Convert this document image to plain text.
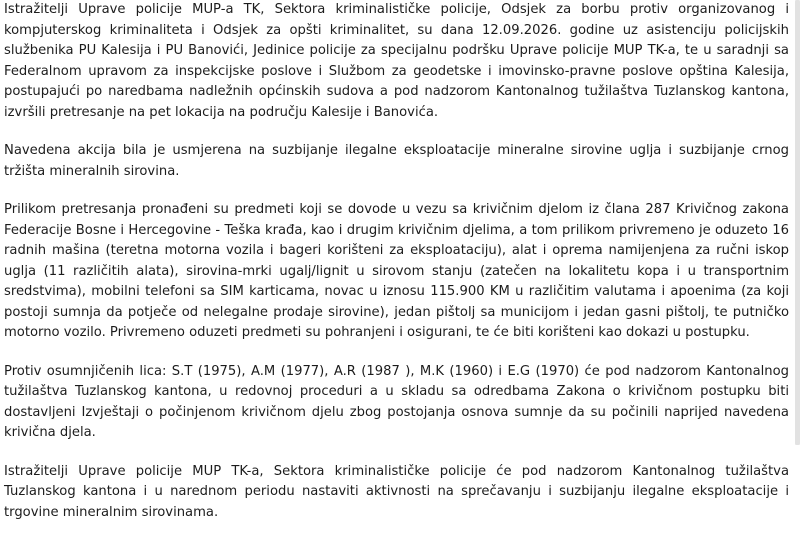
Istražitelji Uprave policije MUP-a TK, Sektora kriminalističke policije, Odsjek za borbu protiv organizovanog i kompjuterskog kriminaliteta i Odsjek za opšti kriminalitet, su dana 12.09.2026. godine uz asistenciju policijskih službenika PU Kalesija i PU Banovići, Jedinice policije za specijalnu podršku Uprave policije MUP TK-a, te u saradnji sa Federalnom upravom za inspekcijske poslove i Službom za geodetske i imovinsko-pravne poslove opština Kalesija, postupajući po naredbama nadležnih općinskih sudova a pod nadzorom Kantonalnog tužilaštva Tuzlanskog kantona, izvršili pretresanje na pet lokacija na području Kalesije i Banovića.

Navedena akcija bila je usmjerena na suzbijanje ilegalne eksploatacije mineralne sirovine uglja i suzbijanje crnog tržišta mineralnih sirovina.

Prilikom pretresanja pronađeni su predmeti koji se dovode u vezu sa krivičnim djelom iz člana 287 Krivičnog zakona Federacije Bosne i Hercegovine - Teška krađa, kao i drugim krivičnim djelima, a tom prilikom privremeno je oduzeto 16 radnih mašina (teretna motorna vozila i bageri korišteni za eksploataciju), alat i oprema namijenjena za ručni iskop uglja (11 različitih alata), sirovina-mrki ugalj/lignit u sirovom stanju (zatečen na lokalitetu kopa i u transportnim sredstvima), mobilni telefoni sa SIM karticama, novac u iznosu 115.900 KM u različitim valutama i apoenima (za koji postoji sumnja da potječe od nelegalne prodaje sirovine), jedan pištolj sa municijom i jedan gasni pištolj, te putničko motorno vozilo. Privremeno oduzeti predmeti su pohranjeni i osigurani, te će biti korišteni kao dokazi u postupku.

Protiv osumnjičenih lica: S.T (1975), A.M (1977), A.R (1987 ), M.K (1960) i E.G (1970) će pod nadzorom Kantonalnog tužilaštva Tuzlanskog kantona, u redovnoj proceduri a u skladu sa odredbama Zakona o krivičnom postupku biti dostavljeni Izvještaji o počinjenom krivičnom djelu zbog postojanja osnova sumnje da su počinili naprijed navedena krivična djela.

Istražitelji Uprave policije MUP TK-a, Sektora kriminalističke policije će pod nadzorom Kantonalnog tužilaštva Tuzlanskog kantona i u narednom periodu nastaviti aktivnosti na sprečavanju i suzbijanju ilegalne eksploatacije i trgovine mineralnim sirovinama.
